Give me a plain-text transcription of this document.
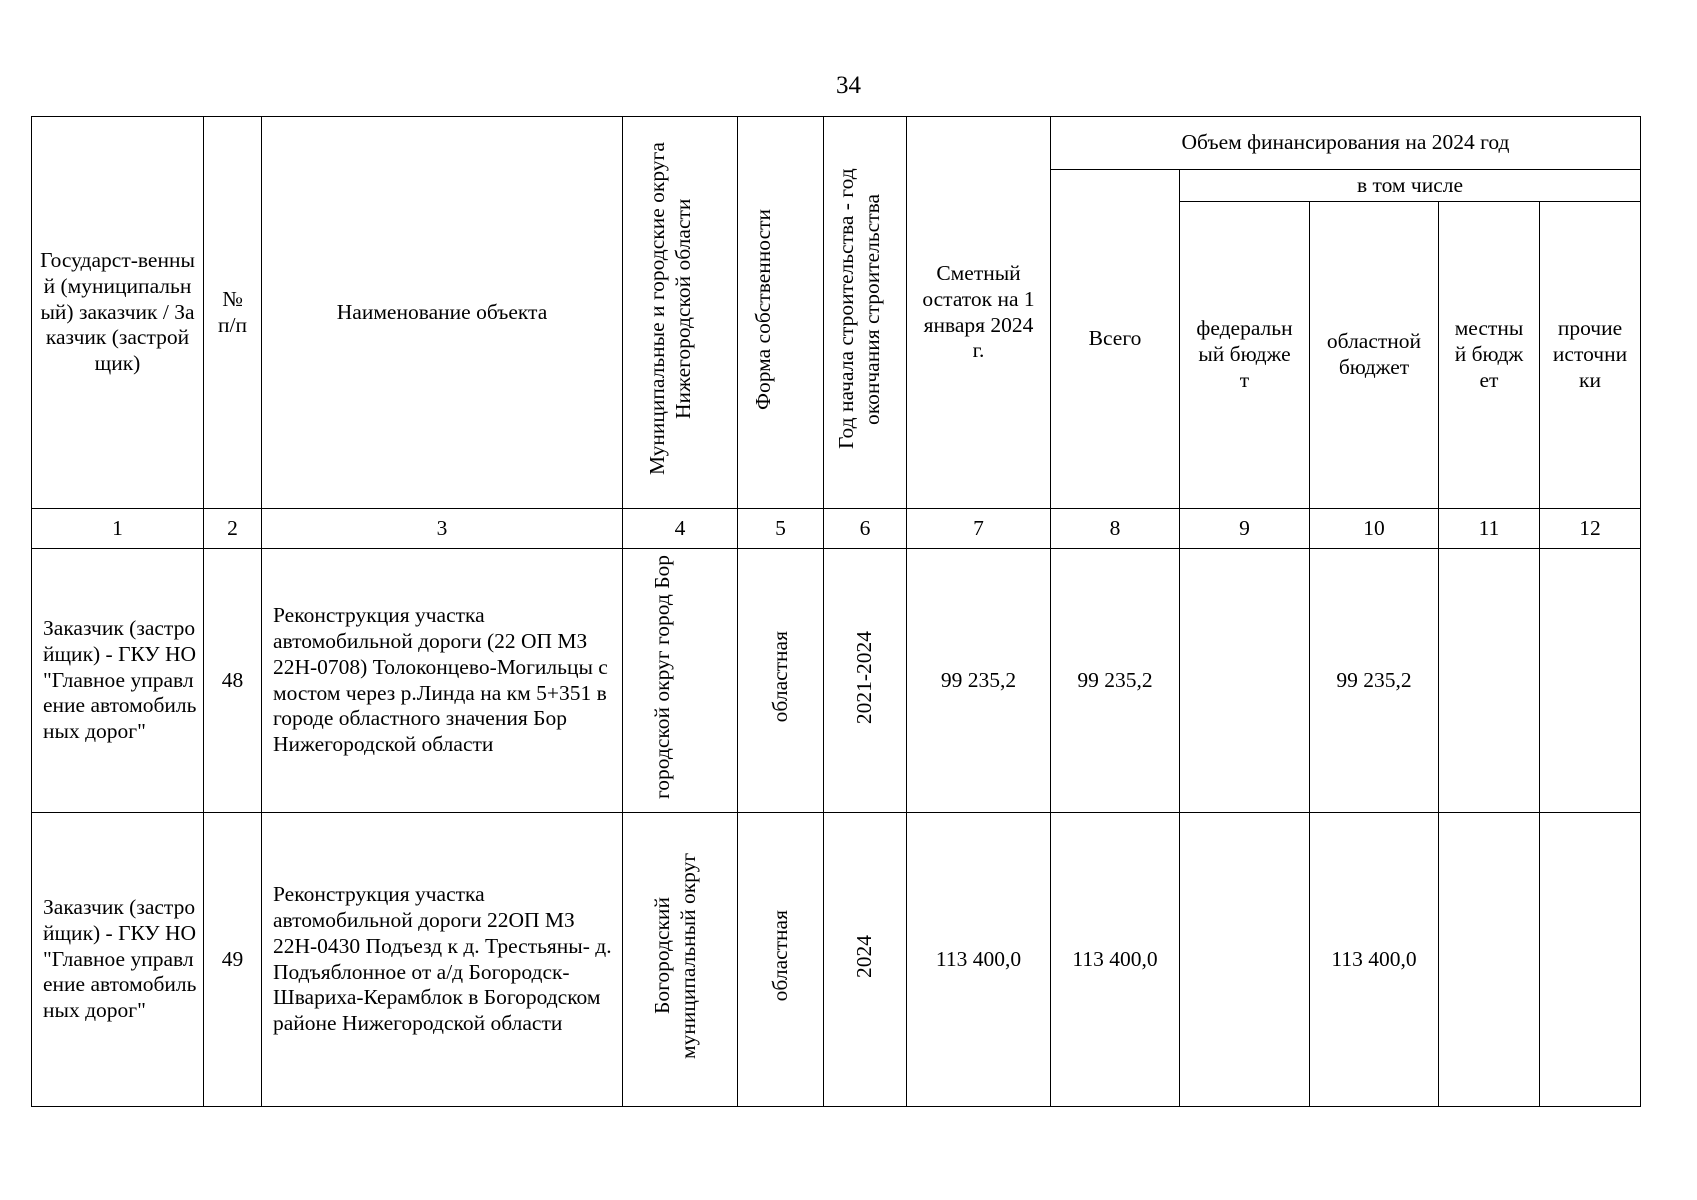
34
Государст-венный (муниципальный) заказчик / Заказчик (застройщик)	№ п/п	Наименование объекта	Муниципальные и городские округа Нижегородской области	Форма собственности	Год начала строительства - год окончания строительства	Сметный остаток на 1 января 2024 г.	Объем финансирования на 2024 год				
							Всего	в том числе			

								федеральный бюджет	областной бюджет	местный бюджет	прочие источники

1	2	3	4	5	6	7	8	9	10	11	12

Заказчик (застройщик) - ГКУ НО "Главное управление автомобильных дорог"	48	Реконструкция участка автомобильной дороги (22 ОП МЗ 22Н-0708) Толоконцево-Могильцы с мостом через р.Линда на км 5+351 в городе областного значения Бор Нижегородской области	городской округ город Бор	областная	2021-2024	99 235,2	99 235,2		99 235,2		

Заказчик (застройщик) - ГКУ НО "Главное управление автомобильных дорог"	49	Реконструкция участка автомобильной дороги 22ОП МЗ 22Н-0430 Подъезд к д. Трестьяны- д. Подъяблонное от а/д Богородск-Швариха-Керамблок в Богородском районе Нижегородской области	Богородский муниципальный округ	областная	2024	113 400,0	113 400,0		113 400,0		
